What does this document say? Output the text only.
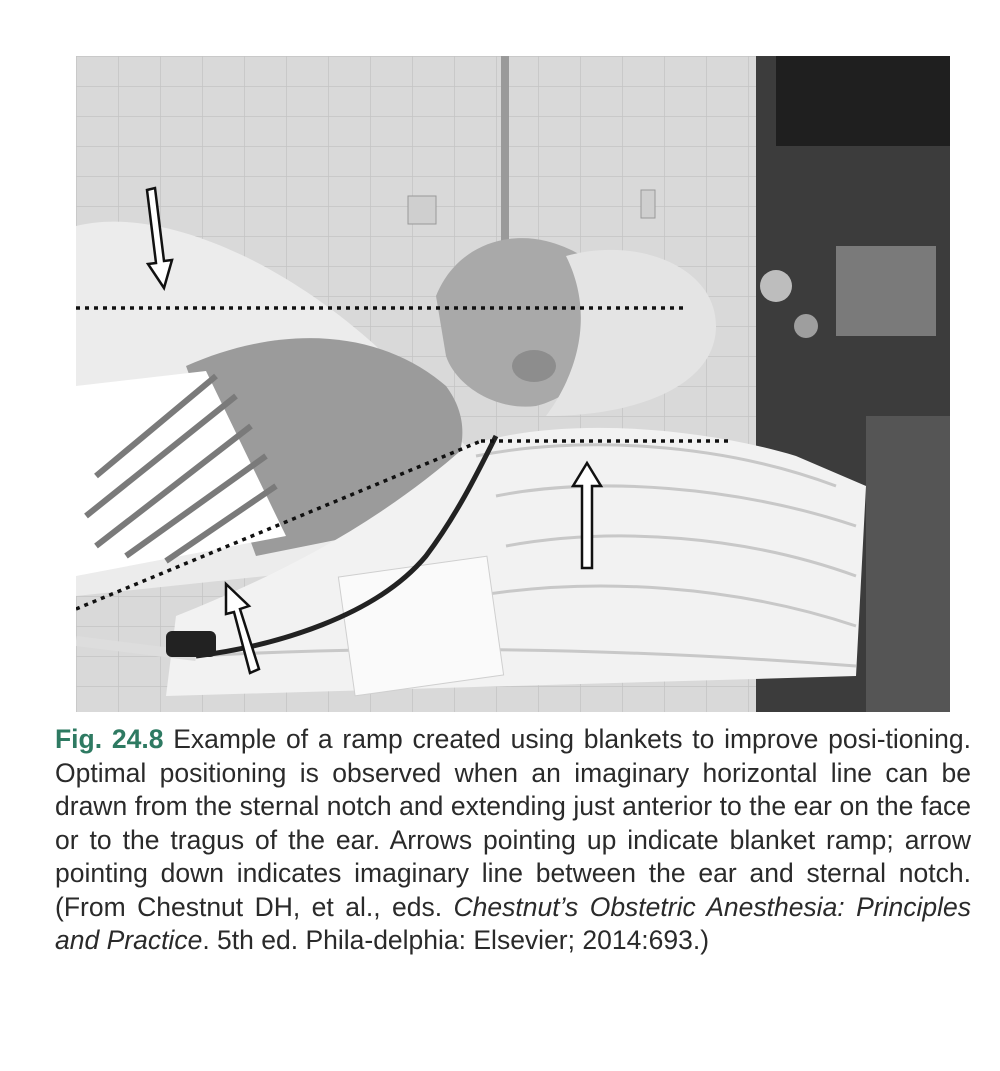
Fig. 24.8 Example of a ramp created using blankets to improve posi-tioning. Optimal positioning is observed when an imaginary horizontal line can be drawn from the sternal notch and extending just anterior to the ear on the face or to the tragus of the ear. Arrows pointing up indicate blanket ramp; arrow pointing down indicates imaginary line between the ear and sternal notch. (From Chestnut DH, et al., eds. Chestnut’s Obstetric Anesthesia: Principles and Practice. 5th ed. Phila-delphia: Elsevier; 2014:693.)
